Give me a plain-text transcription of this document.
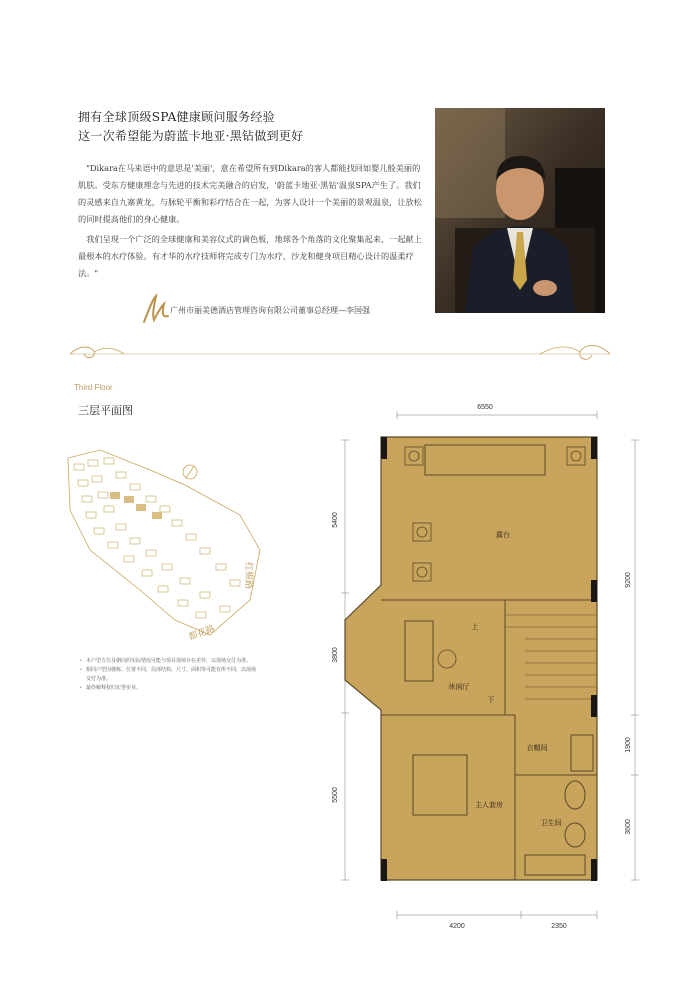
拥有全球顶级SPA健康顾问服务经验
这一次希望能为蔚蓝卡地亚·黑钻做到更好

"Dikara在马来语中的意思是'美丽'，意在希望所有到Dikara的客人都能找回如婴儿般美丽的肌肤。受东方健康理念与先进的技术完美融合的启发，'蔚蓝卡地亚·黑钻'温泉SPA产生了。我们的灵感来自九寨黄龙，与脉轮平衡和彩疗结合在一起，为客人设计一个美丽的景观温泉，让放松的同时提高他们的身心健康。

我们呈现一个广泛的全球健康和美容仪式的调色板，地球各个角落的文化聚集起来，一起献上最根本的水疗体验。有才华的水疗技师将完成专门为水疗、沙龙和健身项目精心设计的温柔疗法。"

广州市丽美德酒店管理咨询有限公司董事总经理—李国强
Third Floor
三层平面图
红棉路
都花路
• 本户型方位及朝向的实际情况可能与项目现场存在差异，以现场交付为准。
• 相同户型因楼栋、位置不同，局部结构、尺寸、面积等可能有所不同，以现场交付为准。
• 最终解释权归宏誉实业。
6550
5400
3800
5500
9200
1900
3600
4200	2350
露台
休闲厅
衣帽间
主人套房
卫生间
上
下
